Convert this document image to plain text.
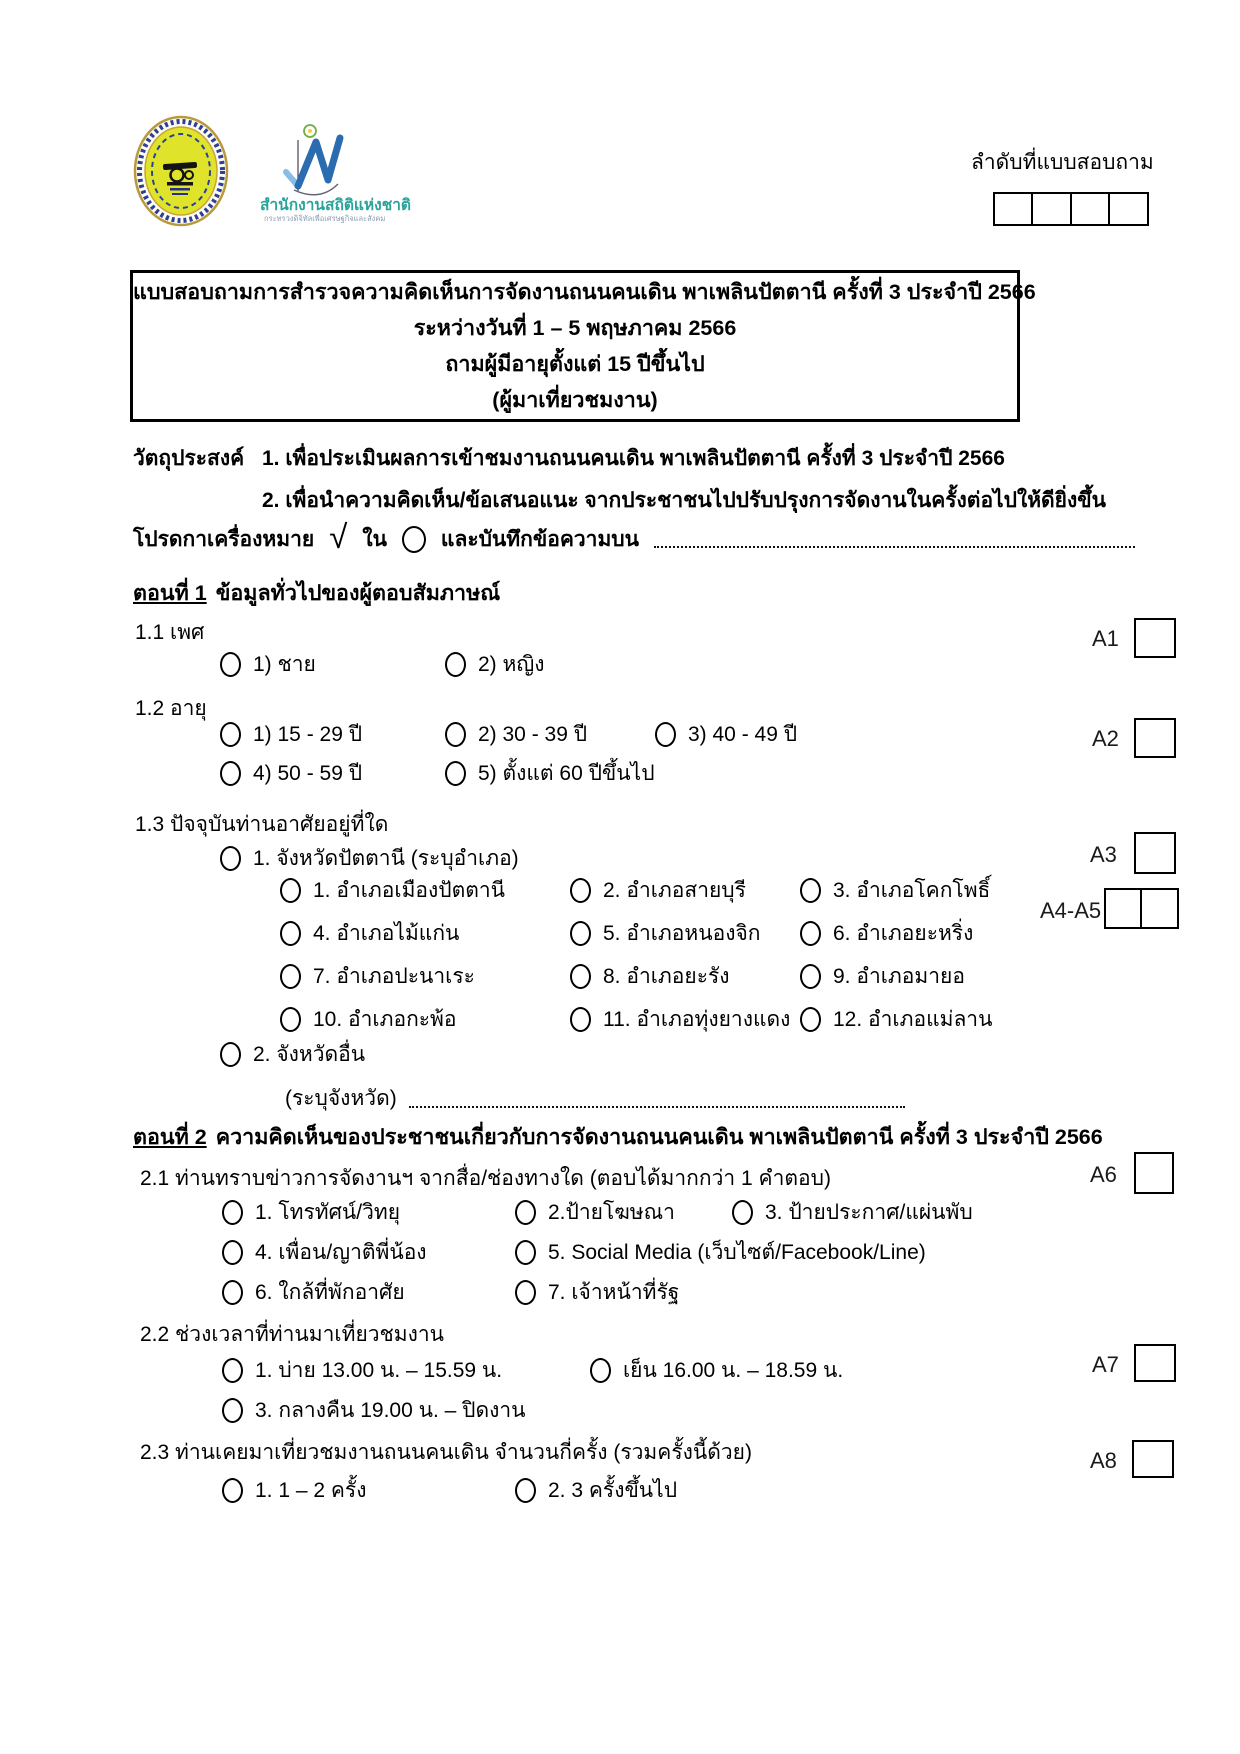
สำนักงานสถิติแห่งชาติ
กระทรวงดิจิทัลเพื่อเศรษฐกิจและสังคม
ลำดับที่แบบสอบถาม
แบบสอบถามการสำรวจความคิดเห็นการจัดงานถนนคนเดิน พาเพลินปัตตานี ครั้งที่ 3 ประจำปี 2566
ระหว่างวันที่ 1 – 5 พฤษภาคม 2566
ถามผู้มีอายุตั้งแต่ 15 ปีขึ้นไป
(ผู้มาเที่ยวชมงาน)
วัตถุประสงค์ 1. เพื่อประเมินผลการเข้าชมงานถนนคนเดิน พาเพลินปัตตานี ครั้งที่ 3 ประจำปี 2566
2. เพื่อนำความคิดเห็น/ข้อเสนอแนะ จากประชาชนไปปรับปรุงการจัดงานในครั้งต่อไปให้ดียิ่งขึ้น
โปรดกาเครื่องหมาย √ ใน ○ และบันทึกข้อความบน
ตอนที่ 1 ข้อมูลทั่วไปของผู้ตอบสัมภาษณ์
1.1 เพศ
1) ชาย	2) หญิง
1.2 อายุ
1) 15 - 29 ปี	2) 30 - 39 ปี	3) 40 - 49 ปี
4) 50 - 59 ปี	5) ตั้งแต่ 60 ปีขึ้นไป
1.3 ปัจจุบันท่านอาศัยอยู่ที่ใด
1. จังหวัดปัตตานี (ระบุอำเภอ)
1. อำเภอเมืองปัตตานี	2. อำเภอสายบุรี	3. อำเภอโคกโพธิ์
4. อำเภอไม้แก่น	5. อำเภอหนองจิก	6. อำเภอยะหริ่ง
7. อำเภอปะนาเระ	8. อำเภอยะรัง	9. อำเภอมายอ
10. อำเภอกะพ้อ	11. อำเภอทุ่งยางแดง 12. อำเภอแม่ลาน
2. จังหวัดอื่น
(ระบุจังหวัด)
ตอนที่ 2 ความคิดเห็นของประชาชนเกี่ยวกับการจัดงานถนนคนเดิน พาเพลินปัตตานี ครั้งที่ 3 ประจำปี 2566
2.1 ท่านทราบข่าวการจัดงานฯ จากสื่อ/ช่องทางใด (ตอบได้มากกว่า 1 คำตอบ)
1. โทรทัศน์/วิทยุ	2.ป้ายโฆษณา	3. ป้ายประกาศ/แผ่นพับ
4. เพื่อน/ญาติพี่น้อง	5. Social Media (เว็บไซต์/Facebook/Line)
6. ใกล้ที่พักอาศัย	7. เจ้าหน้าที่รัฐ
2.2 ช่วงเวลาที่ท่านมาเที่ยวชมงาน
1. บ่าย 13.00 น. – 15.59 น.	เย็น 16.00 น. – 18.59 น.
3. กลางคืน 19.00 น. – ปิดงาน
2.3 ท่านเคยมาเที่ยวชมงานถนนคนเดิน จำนวนกี่ครั้ง (รวมครั้งนี้ด้วย)
1. 1 – 2 ครั้ง	2. 3 ครั้งขึ้นไป
A1
A2
A3
A4-A5
A6
A7
A8
